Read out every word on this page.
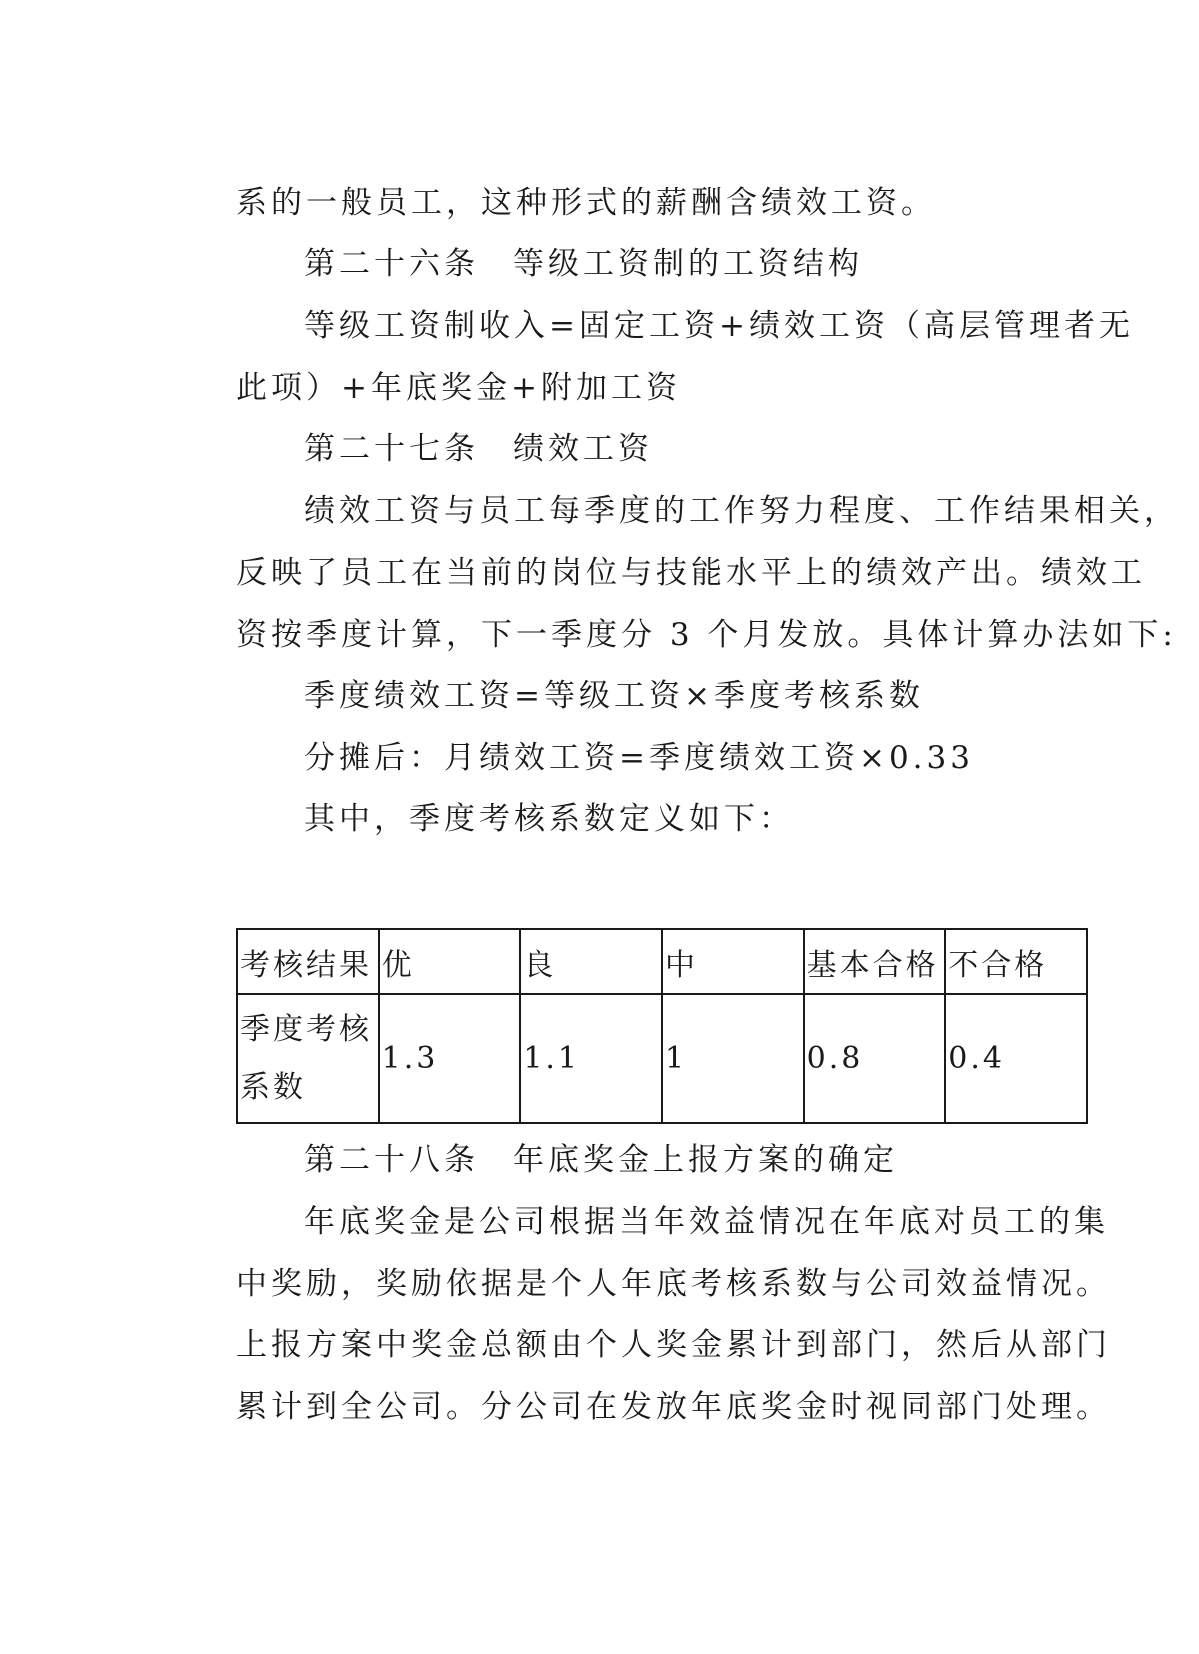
系的一般员工，这种形式的薪酬含绩效工资。
第二十六条 等级工资制的工资结构
等级工资制收入=固定工资+绩效工资（高层管理者无
此项）+年底奖金+附加工资
第二十七条 绩效工资
绩效工资与员工每季度的工作努力程度、工作结果相关，
反映了员工在当前的岗位与技能水平上的绩效产出。绩效工
资按季度计算，下一季度分 3 个月发放。具体计算办法如下:
季度绩效工资=等级工资×季度考核系数
分摊后：月绩效工资=季度绩效工资×0.33
其中，季度考核系数定义如下：
考核结果	优	良	中	基本合格	不合格
季度考核
系数	1.3	1.1	1	0.8	0.4
第二十八条 年底奖金上报方案的确定
年底奖金是公司根据当年效益情况在年底对员工的集
中奖励，奖励依据是个人年底考核系数与公司效益情况。
上报方案中奖金总额由个人奖金累计到部门，然后从部门
累计到全公司。分公司在发放年底奖金时视同部门处理。
